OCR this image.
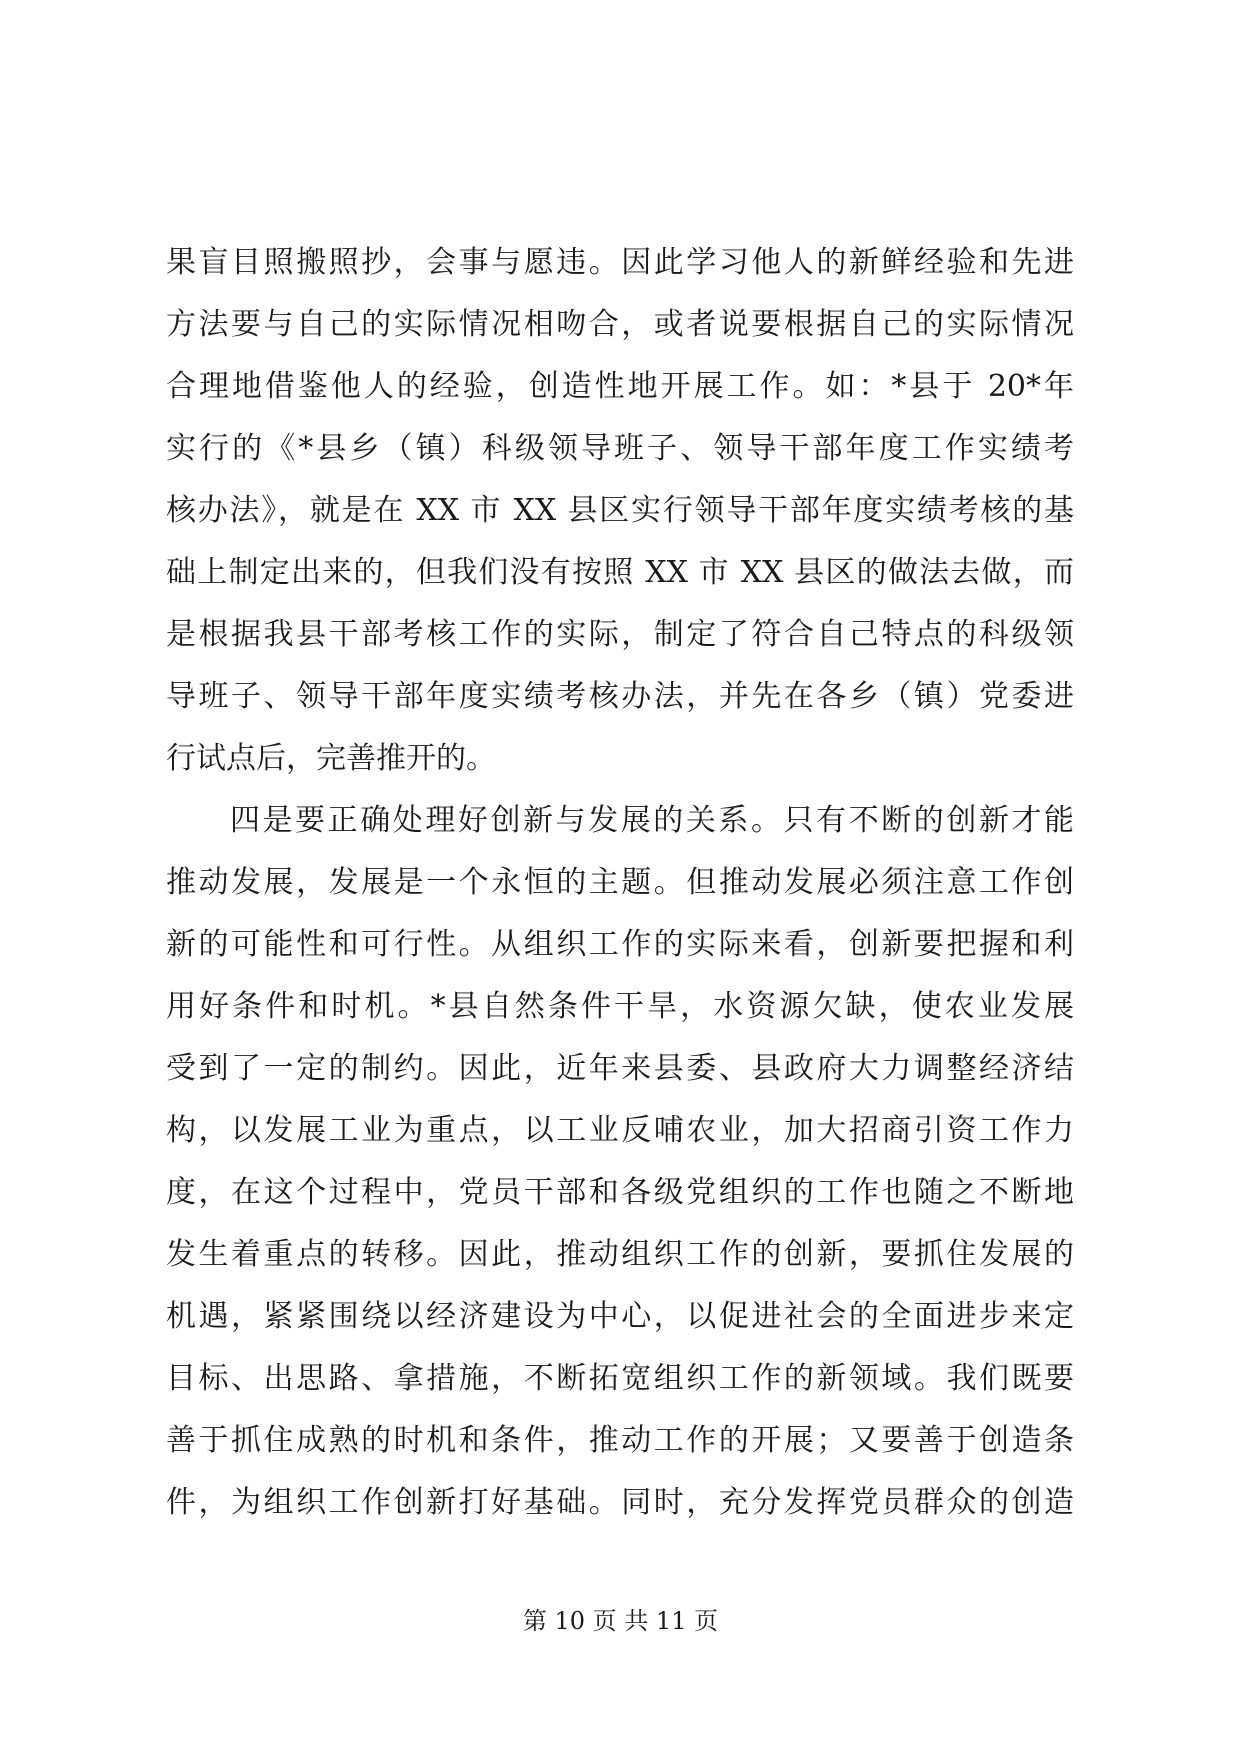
果盲目照搬照抄，会事与愿违。因此学习他人的新鲜经验和先进
方法要与自己的实际情况相吻合，或者说要根据自己的实际情况
合理地借鉴他人的经验，创造性地开展工作。如：*县于 20*年
实行的《*县乡（镇）科级领导班子、领导干部年度工作实绩考
核办法》，就是在 XX 市 XX 县区实行领导干部年度实绩考核的基
础上制定出来的，但我们没有按照 XX 市 XX 县区的做法去做，而
是根据我县干部考核工作的实际，制定了符合自己特点的科级领
导班子、领导干部年度实绩考核办法，并先在各乡（镇）党委进
行试点后，完善推开的。
四是要正确处理好创新与发展的关系。只有不断的创新才能
推动发展，发展是一个永恒的主题。但推动发展必须注意工作创
新的可能性和可行性。从组织工作的实际来看，创新要把握和利
用好条件和时机。*县自然条件干旱，水资源欠缺，使农业发展
受到了一定的制约。因此，近年来县委、县政府大力调整经济结
构，以发展工业为重点，以工业反哺农业，加大招商引资工作力
度，在这个过程中，党员干部和各级党组织的工作也随之不断地
发生着重点的转移。因此，推动组织工作的创新，要抓住发展的
机遇，紧紧围绕以经济建设为中心，以促进社会的全面进步来定
目标、出思路、拿措施，不断拓宽组织工作的新领域。我们既要
善于抓住成熟的时机和条件，推动工作的开展；又要善于创造条
件，为组织工作创新打好基础。同时，充分发挥党员群众的创造
第 10 页 共 11 页
